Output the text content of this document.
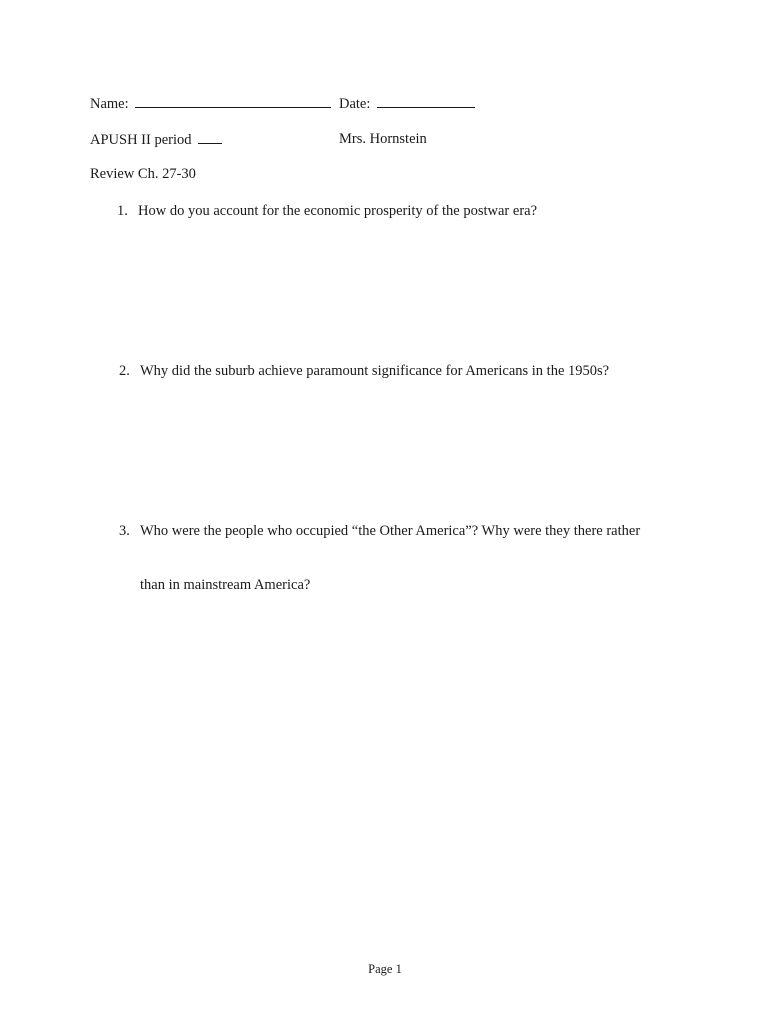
Name:	Date:
APUSH II period	Mrs. Hornstein
Review Ch. 27-30
1. How do you account for the economic prosperity of the postwar era?
2. Why did the suburb achieve paramount significance for Americans in the 1950s?
3. Who were the people who occupied “the Other America”? Why were they there rather
than in mainstream America?
Page 1
